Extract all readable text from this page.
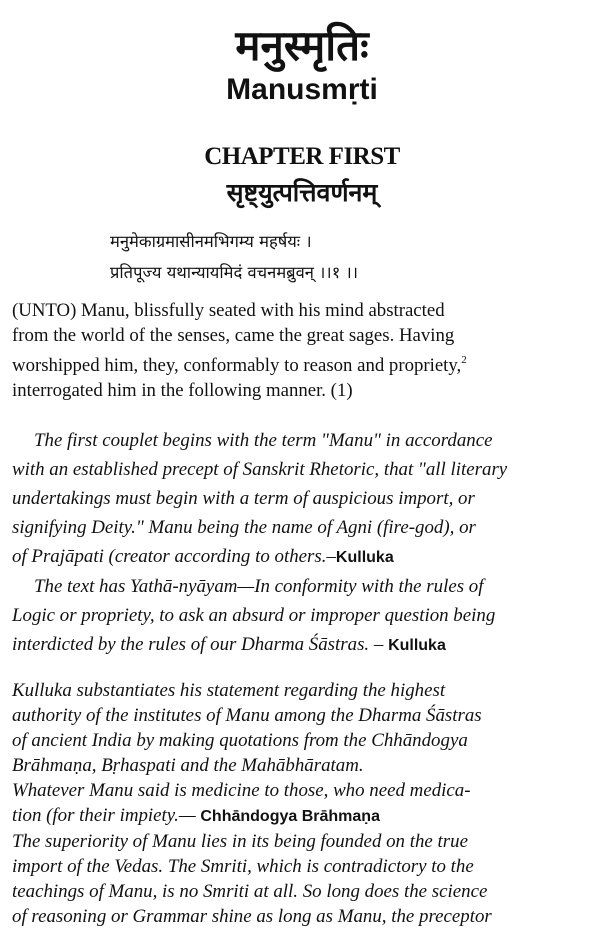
मनुस्मृतिः
Manusmṛti
CHAPTER FIRST
सृष्ट्युत्पत्तिवर्णनम्
मनुमेकाग्रमासीनमभिगम्य महर्षयः ।
प्रतिपूज्य यथान्यायमिदं वचनमब्रुवन् ।।१ ।।
(UNTO) Manu, blissfully seated with his mind abstracted
from the world of the senses, came the great sages. Having
worshipped him, they, conformably to reason and propriety,$^2$
interrogated him in the following manner. (1)
The first couplet begins with the term "Manu" in accordance
with an established precept of Sanskrit Rhetoric, that "all literary
undertakings must begin with a term of auspicious import, or
signifying Deity." Manu being the name of Agni (fire-god), or
of Prajāpati (creator according to others.–Kulluka
The text has Yathā-nyāyam—In conformity with the rules of
Logic or propriety, to ask an absurd or improper question being
interdicted by the rules of our Dharma Śāstras. – Kulluka
Kulluka substantiates his statement regarding the highest
authority of the institutes of Manu among the Dharma Śāstras
of ancient India by making quotations from the Chhāndogya
Brāhmaṇa, Bṛhaspati and the Mahābhāratam.
Whatever Manu said is medicine to those, who need medica-
tion (for their impiety.— Chhāndogya Brāhmaṇa
The superiority of Manu lies in its being founded on the true
import of the Vedas. The Smriti, which is contradictory to the
teachings of Manu, is no Smriti at all. So long does the science
of reasoning or Grammar shine as long as Manu, the preceptor
